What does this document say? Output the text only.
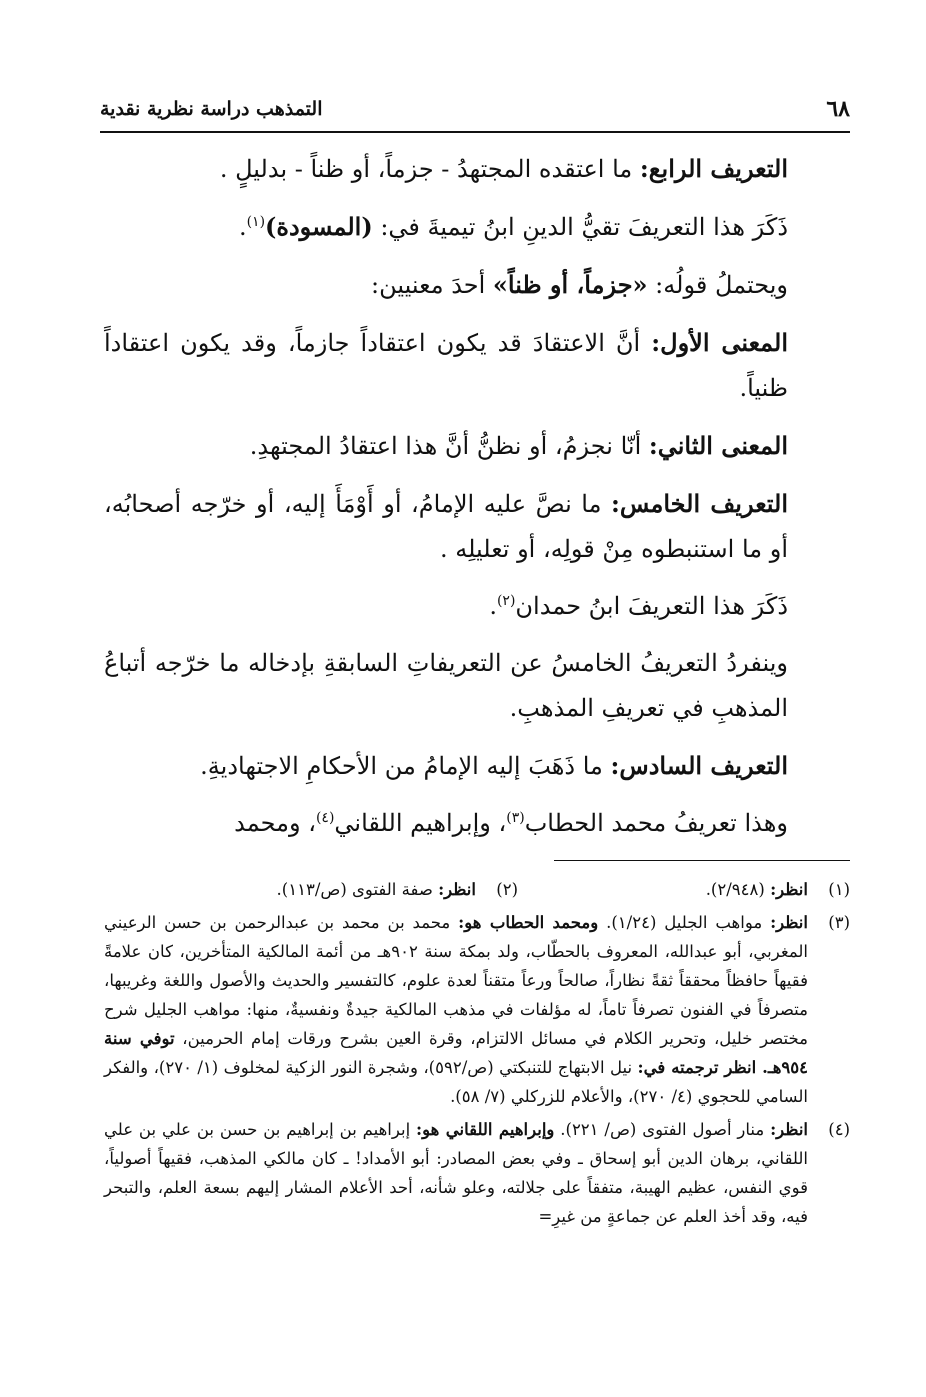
٦٨
التمذهب دراسة نظرية نقدية

التعريف الرابع: ما اعتقده المجتهدُ - جزماً، أو ظناً - بدليلٍ .

ذَكَرَ هذا التعريفَ تقيُّ الدينِ ابنُ تيميةَ في: (المسودة)$^{(١)}$.

ويحتملُ قولُه: «جزماً، أو ظناً» أحدَ معنيين:

المعنى الأول: أنَّ الاعتقادَ قد يكون اعتقاداً جازماً، وقد يكون اعتقاداً ظنياً.

المعنى الثاني: أنّا نجزمُ، أو نظنُّ أنَّ هذا اعتقادُ المجتهدِ.

التعريف الخامس: ما نصَّ عليه الإمامُ، أو أَوْمَأَ إليه، أو خرّجه أصحابُه، أو ما استنبطوه مِنْ قولِه، أو تعليلِه .

ذَكَرَ هذا التعريفَ ابنُ حمدان$^{(٢)}$.

وينفردُ التعريفُ الخامسُ عن التعريفاتِ السابقةِ بإدخاله ما خرّجه أتباعُ المذهبِ في تعريفِ المذهبِ.

التعريف السادس: ما ذَهَبَ إليه الإمامُ من الأحكامِ الاجتهاديةِ.

وهذا تعريفُ محمد الحطاب$^{(٣)}$، وإبراهيم اللقاني$^{(٤)}$، ومحمد

(١)
انظر: (٢/٩٤٨).
(٢)
انظر: صفة الفتوى (ص/١١٣).
(٣)
انظر: مواهب الجليل (١/٢٤). ومحمد الحطاب هو: محمد بن محمد بن عبدالرحمن بن حسن الرعيني المغربي، أبو عبدالله، المعروف بالحطّاب، ولد بمكة سنة ٩٠٢هـ من أئمة المالكية المتأخرين، كان علامةً فقيهاً حافظاً محققاً ثقةً نظاراً، صالحاً ورعاً متقناً لعدة علوم، كالتفسير والحديث والأصول واللغة وغريبها، متصرفاً في الفنون تصرفاً تاماً، له مؤلفات في مذهب المالكية جيدةٌ ونفسيةٌ، منها: مواهب الجليل شرح مختصر خليل، وتحرير الكلام في مسائل الالتزام، وقرة العين بشرح ورقات إمام الحرمين، توفي سنة ٩٥٤هـ. انظر ترجمته في: نيل الابتهاج للتنبكتي (ص/٥٩٢)، وشجرة النور الزكية لمخلوف (١/ ٢٧٠)، والفكر السامي للحجوي (٤/ ٢٧٠)، والأعلام للزركلي (٧/ ٥٨).
(٤)
انظر: منار أصول الفتوى (ص/ ٢٢١). وإبراهيم اللقاني هو: إبراهيم بن إبراهيم بن حسن بن علي بن علي اللقاني، برهان الدين أبو إسحاق ـ وفي بعض المصادر: أبو الأمداد! ـ كان مالكي المذهب، فقيهاً أصولياً، قوي النفس، عظيم الهيبة، متفقاً على جلالته، وعلو شأنه، أحد الأعلام المشار إليهم بسعة العلم، والتبحر فيه، وقد أخذ العلم عن جماعةٍ من غيرِ=
